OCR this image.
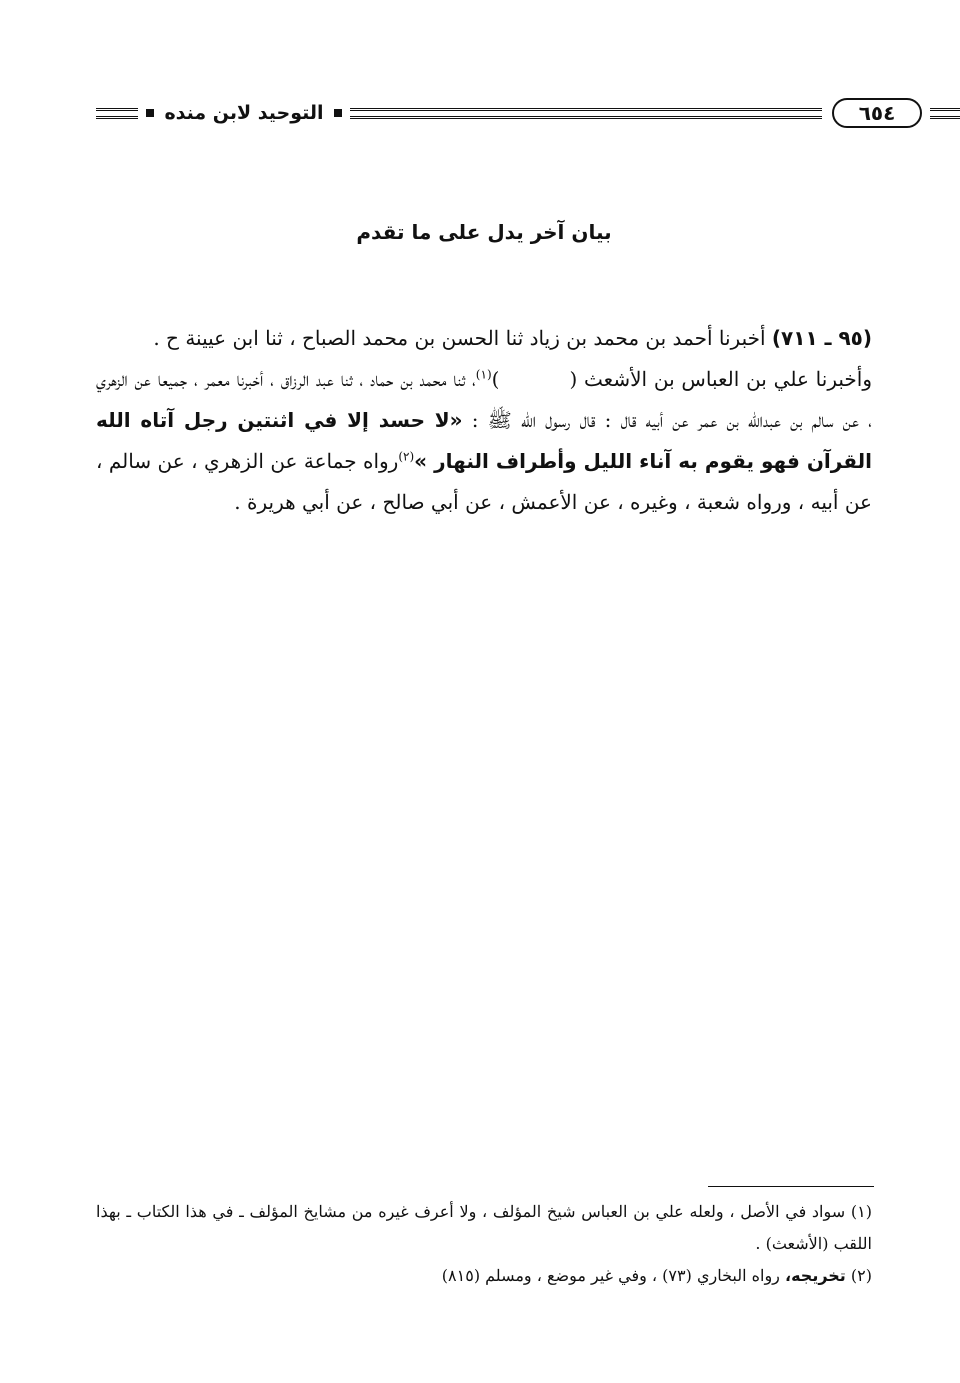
التوحيد لابن منده	٦٥٤
بيان آخر يدل على ما تقدم

(٩٥ ـ ٧١١) أخبرنا أحمد بن محمد بن زياد ثنا الحسن بن محمد الصباح ، ثنا ابن عيينة ح .

وأخبرنا علي بن العباس بن الأشعث ()$^{(١)}$، ثنا محمد بن حماد ، ثنا عبد الرزاق ، أخبرنا معمر ، جميعا عن الزهري ، عن سالم بن عبدالله بن عمر عن أبيه قال : قال رسول الله ﷺ : «لا حسد إلا في اثنتين رجل آتاه الله القرآن فهو يقوم به آناء الليل وأطراف النهار »$^{(٢)}$رواه جماعة عن الزهري ، عن سالم ، عن أبيه ، ورواه شعبة ، وغيره ، عن الأعمش ، عن أبي صالح ، عن أبي هريرة .

(١) سواد في الأصل ، ولعله علي بن العباس شيخ المؤلف ، ولا أعرف غيره من مشايخ المؤلف ـ في هذا الكتاب ـ بهذا اللقب (الأشعث) .

(٢) تخريجه، رواه البخاري (٧٣) ، وفي غير موضع ، ومسلم (٨١٥)
